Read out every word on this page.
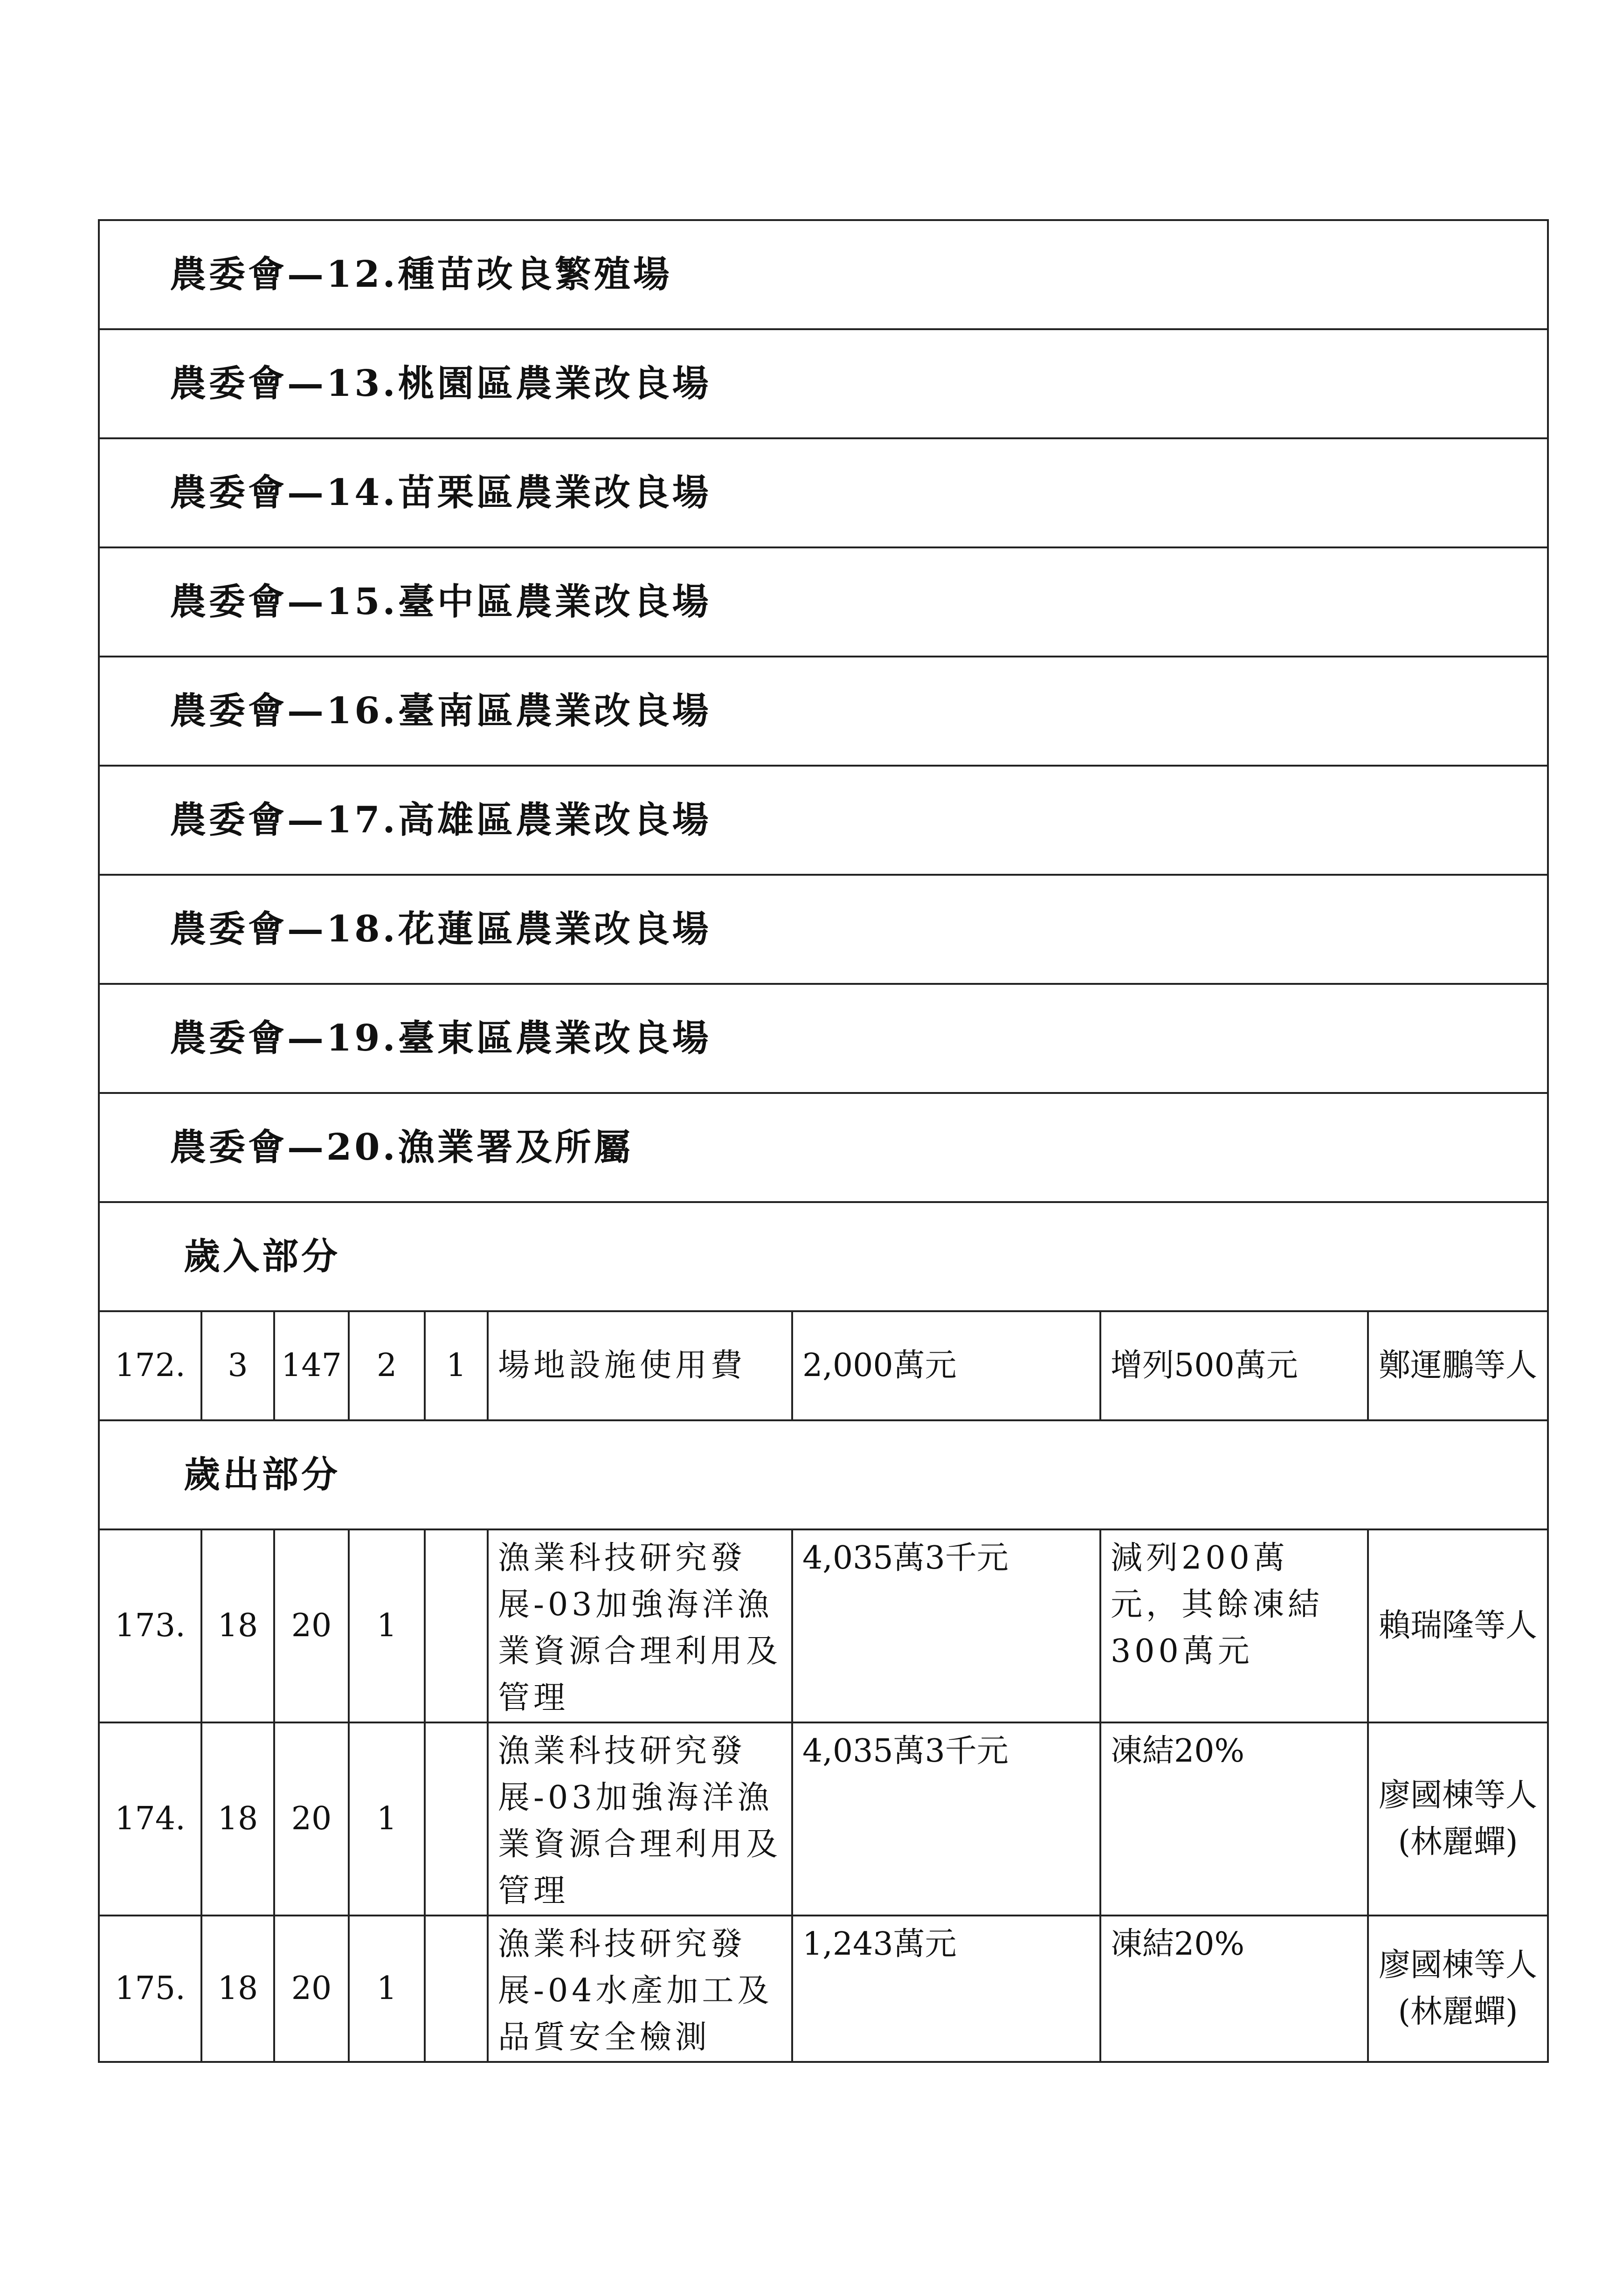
農委會—12.種苗改良繁殖場								
農委會—13.桃園區農業改良場								
農委會—14.苗栗區農業改良場								
農委會—15.臺中區農業改良場								
農委會—16.臺南區農業改良場								
農委會—17.高雄區農業改良場								
農委會—18.花蓮區農業改良場								
農委會—19.臺東區農業改良場								
農委會—20.漁業署及所屬								
歲入部分								
172.	3	147	2	1	場地設施使用費	2,000萬元	增列500萬元	鄭運鵬等人
歲出部分								
173.	18	20	1		漁業科技研究發展-03加強海洋漁業資源合理利用及管理	4,035萬3千元	減列200萬元，其餘凍結300萬元	賴瑞隆等人
174.	18	20	1		漁業科技研究發展-03加強海洋漁業資源合理利用及管理	4,035萬3千元	凍結20%	廖國棟等人(林麗蟬)
175.	18	20	1		漁業科技研究發展-04水產加工及品質安全檢測	1,243萬元	凍結20%	廖國棟等人(林麗蟬)
